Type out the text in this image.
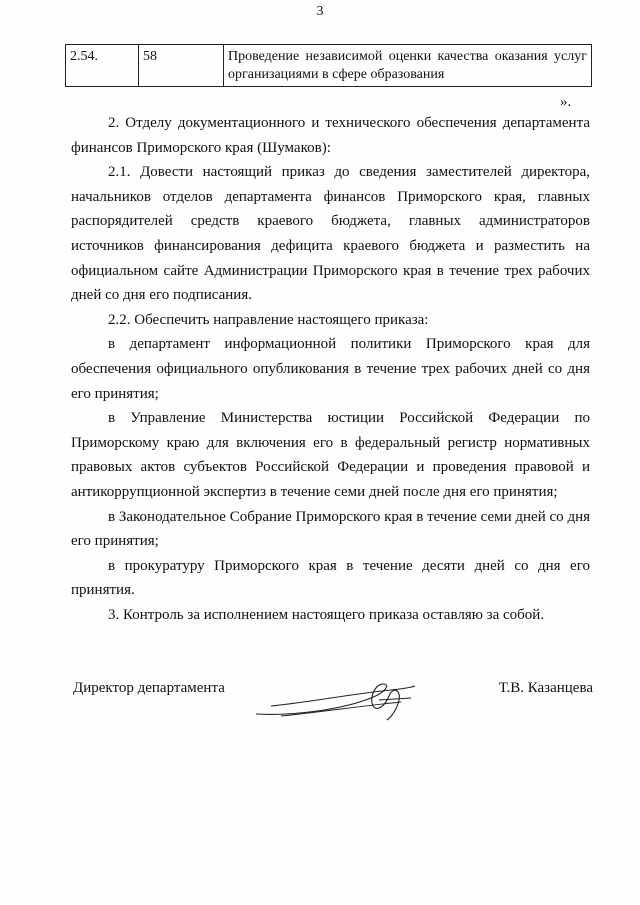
3
2.54.	58	Проведение независимой оценки качества оказания услуг организациями в сфере образования
».

2. Отделу документационного и технического обеспечения департамента финансов Приморского края (Шумаков):

2.1. Довести настоящий приказ до сведения заместителей директора, начальников отделов департамента финансов Приморского края, главных распорядителей средств краевого бюджета, главных администраторов источников финансирования дефицита краевого бюджета и разместить на официальном сайте Администрации Приморского края в течение трех рабочих дней со дня его подписания.

2.2. Обеспечить направление настоящего приказа:

в департамент информационной политики Приморского края для обеспечения официального опубликования в течение трех рабочих дней со дня его принятия;

в Управление Министерства юстиции Российской Федерации по Приморскому краю для включения его в федеральный регистр нормативных правовых актов субъектов Российской Федерации и проведения правовой и антикоррупционной экспертиз в течение семи дней после дня его принятия;

в Законодательное Собрание Приморского края в течение семи дней со дня его принятия;

в прокуратуру Приморского края в течение десяти дней со дня его принятия.

3. Контроль за исполнением настоящего приказа оставляю за собой.

Директор департамента	Т.В. Казанцева
